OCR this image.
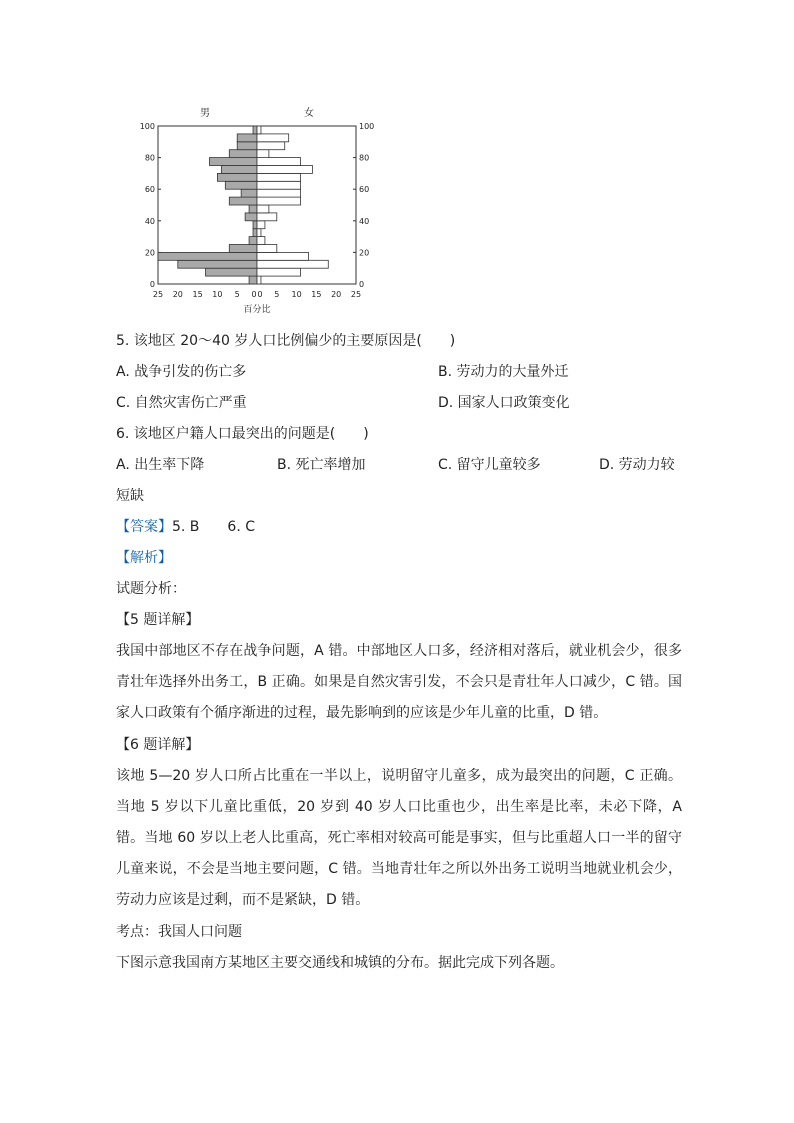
男	女
0	0
20	20
40	40
60	60
80	80
100	100
25 20 15 10 5 0 0 5 10 15 20 25
百分比
5. 该地区 20～40 岁人口比例偏少的主要原因是(　　)
A. 战争引发的伤亡多	B. 劳动力的大量外迁
C. 自然灾害伤亡严重	D. 国家人口政策变化
6. 该地区户籍人口最突出的问题是(　　)
A. 出生率下降	B. 死亡率增加	C. 留守儿童较多	D. 劳动力较
短缺
【答案】5. B　　6. C
【解析】
试题分析：
【5 题详解】
我国中部地区不存在战争问题，A 错。中部地区人口多，经济相对落后，就业机会少，很多青壮年选择外出务工，B 正确。如果是自然灾害引发，不会只是青壮年人口减少，C 错。国家人口政策有个循序渐进的过程，最先影响到的应该是少年儿童的比重，D 错。
【6 题详解】
该地 5—20 岁人口所占比重在一半以上，说明留守儿童多，成为最突出的问题，C 正确。当地 5 岁以下儿童比重低，20 岁到 40 岁人口比重也少，出生率是比率，未必下降，A 错。当地 60 岁以上老人比重高，死亡率相对较高可能是事实，但与比重超人口一半的留守儿童来说，不会是当地主要问题，C 错。当地青壮年之所以外出务工说明当地就业机会少，劳动力应该是过剩，而不是紧缺，D 错。
考点：我国人口问题
下图示意我国南方某地区主要交通线和城镇的分布。据此完成下列各题。
